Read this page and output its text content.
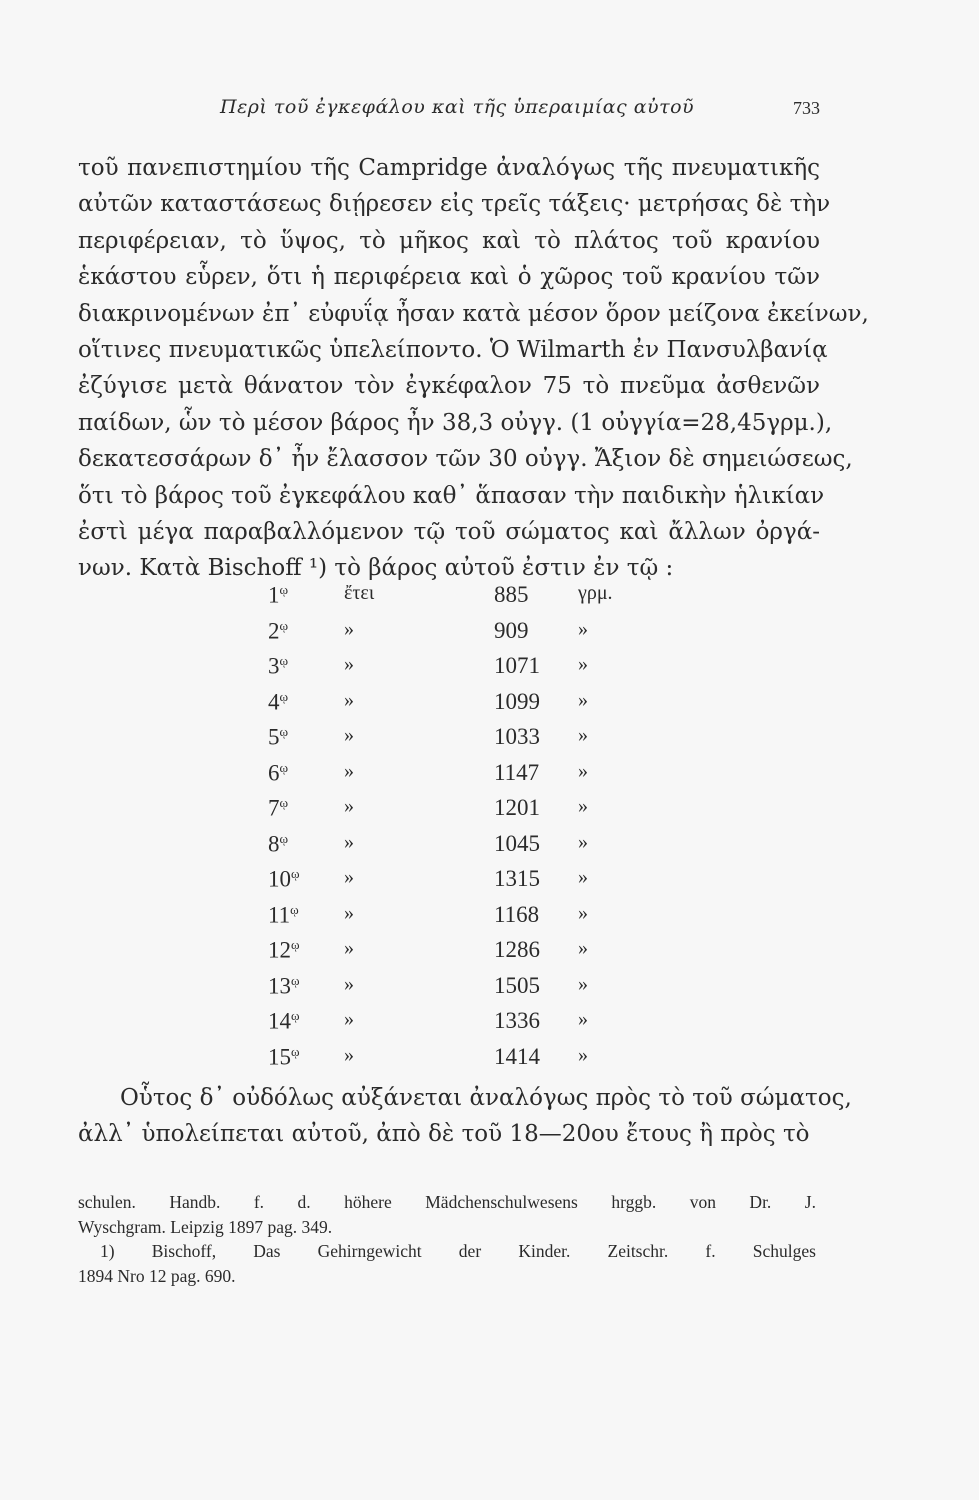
Περὶ τοῦ ἐγκεφάλου καὶ τῆς ὑπεραιμίας αὐτοῦ	733
τοῦ πανεπιστημίου τῆς Campridge ἀναλόγως τῆς πνευματικῆς
αὐτῶν καταστάσεως διῄρεσεν εἰς τρεῖς τάξεις· μετρήσας δὲ τὴν
περιφέρειαν, τὸ ὕψος, τὸ μῆκος καὶ τὸ πλάτος τοῦ κρανίου
ἑκάστου εὗρεν, ὅτι ἡ περιφέρεια καὶ ὁ χῶρος τοῦ κρανίου τῶν
διακρινομένων ἐπ᾽ εὐφυΐᾳ ἦσαν κατὰ μέσον ὅρον μείζονα ἐκείνων,
οἵτινες πνευματικῶς ὑπελείποντο. Ὁ Wilmarth ἐν Πανσυλβανίᾳ
ἐζύγισε μετὰ θάνατον τὸν ἐγκέφαλον 75 τὸ πνεῦμα ἀσθενῶν
παίδων, ὧν τὸ μέσον βάρος ἦν 38,3 οὐγγ. (1 οὐγγία=28,45γρμ.),
δεκατεσσάρων δ᾽ ἦν ἔλασσον τῶν 30 οὐγγ. Ἄξιον δὲ σημειώσεως,
ὅτι τὸ βάρος τοῦ ἐγκεφάλου καθ᾽ ἅπασαν τὴν παιδικὴν ἡλικίαν
ἐστὶ μέγα παραβαλλόμενον τῷ τοῦ σώματος καὶ ἄλλων ὀργά-
νων. Κατὰ Bischoff ¹) τὸ βάρος αὐτοῦ ἐστιν ἐν τῷ :
$1^ῳ$	ἔτει	885 γρμ.
$2^ῳ$	»	909 »
$3^ῳ$	»	1071 »
$4^ῳ$	»	1099 »
$5^ῳ$	»	1033 »
$6^ῳ$	»	1147 »
$7^ῳ$	»	1201 »
$8^ῳ$	»	1045 »
$10^ῳ$	»	1315 »
$11^ῳ$	»	1168 »
$12^ῳ$	»	1286 »
$13^ῳ$	»	1505 »
$14^ῳ$	»	1336 »
$15^ῳ$	»	1414 »
Οὗτος δ᾽ οὐδόλως αὐξάνεται ἀναλόγως πρὸς τὸ τοῦ σώματος,
ἀλλ᾽ ὑπολείπεται αὐτοῦ, ἀπὸ δὲ τοῦ 18—20ου ἔτους ἢ πρὸς τὸ
schulen. Handb. f. d. höhere Mädchenschulwesens hrggb. von Dr. J.
Wyschgram. Leipzig 1897 pag. 349.
1) Bischoff, Das Gehirngewicht der Kinder. Zeitschr. f. Schulges
1894 Nro 12 pag. 690.
